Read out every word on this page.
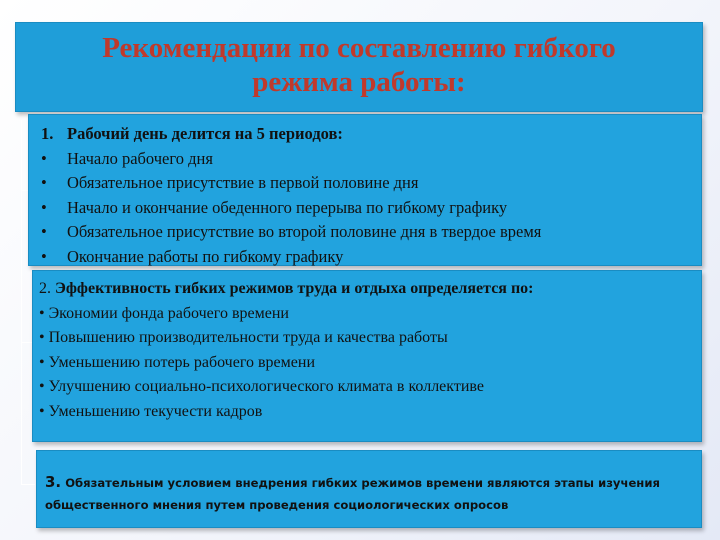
Рекомендации по составлению гибкого режима работы:
1. Рабочий день делится на 5 периодов:
•	Начало рабочего дня
•	Обязательное присутствие в первой половине дня
•	Начало и окончание обеденного перерыва по гибкому графику
•	Обязательное присутствие во второй половине дня в твердое время
•	Окончание работы по гибкому графику
2. Эффективность гибких режимов труда и отдыха определяется по:
• Экономии фонда рабочего времени
• Повышению производительности труда и качества работы
• Уменьшению потерь рабочего времени
• Улучшению социально-психологического климата в коллективе
• Уменьшению текучести кадров
3. Обязательным условием внедрения гибких режимов времени являются этапы изучения общественного мнения путем проведения социологических опросов
